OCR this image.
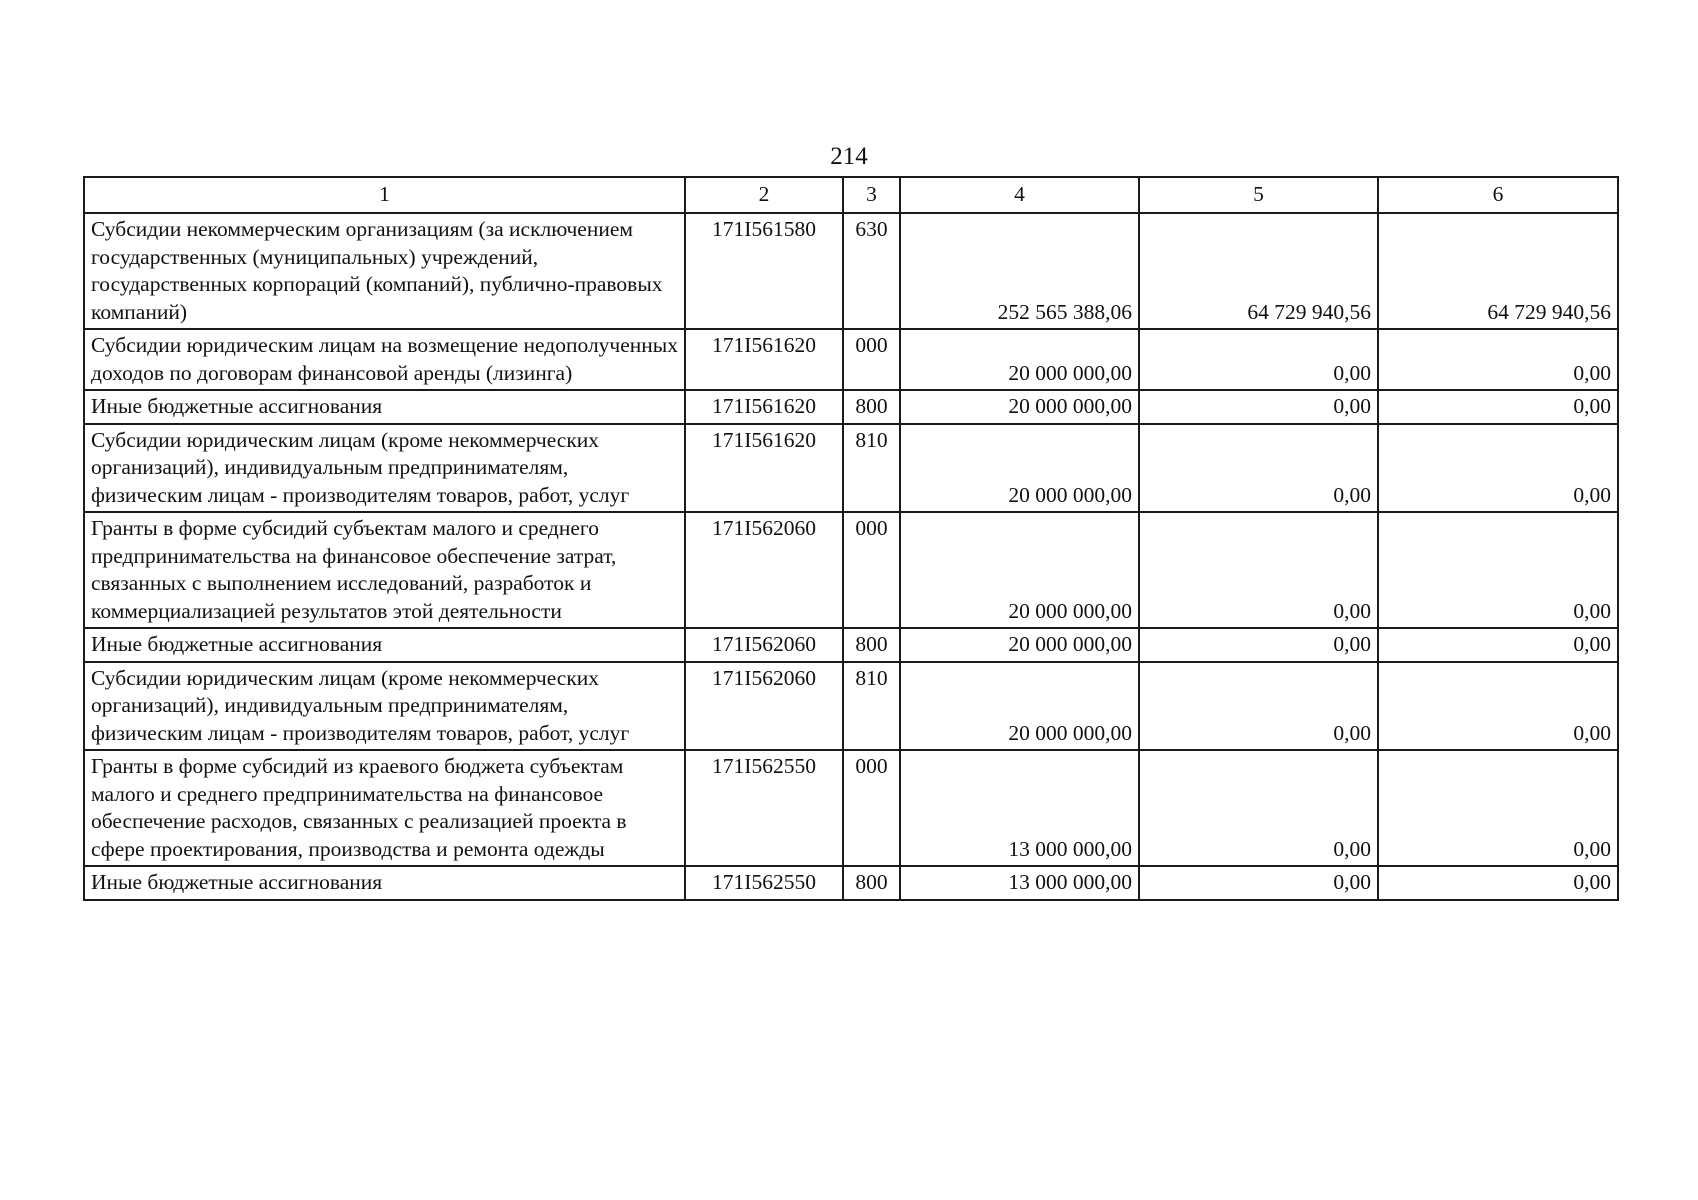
214
1	2	3	4	5	6
Субсидии некоммерческим организациям (за исключением государственных (муниципальных) учреждений, государственных корпораций (компаний), публично-правовых компаний)	171I561580	630	252 565 388,06	64 729 940,56	64 729 940,56
Субсидии юридическим лицам на возмещение недополученных доходов по договорам финансовой аренды (лизинга)	171I561620	000	20 000 000,00	0,00	0,00
Иные бюджетные ассигнования	171I561620	800	20 000 000,00	0,00	0,00
Субсидии юридическим лицам (кроме некоммерческих организаций), индивидуальным предпринимателям, физическим лицам - производителям товаров, работ, услуг	171I561620	810	20 000 000,00	0,00	0,00
Гранты в форме субсидий субъектам малого и среднего предпринимательства на финансовое обеспечение затрат, связанных с выполнением исследований, разработок и коммерциализацией результатов этой деятельности	171I562060	000	20 000 000,00	0,00	0,00
Иные бюджетные ассигнования	171I562060	800	20 000 000,00	0,00	0,00
Субсидии юридическим лицам (кроме некоммерческих организаций), индивидуальным предпринимателям, физическим лицам - производителям товаров, работ, услуг	171I562060	810	20 000 000,00	0,00	0,00
Гранты в форме субсидий из краевого бюджета субъектам малого и среднего предпринимательства на финансовое обеспечение расходов, связанных с реализацией проекта в сфере проектирования, производства и ремонта одежды	171I562550	000	13 000 000,00	0,00	0,00
Иные бюджетные ассигнования	171I562550	800	13 000 000,00	0,00	0,00
